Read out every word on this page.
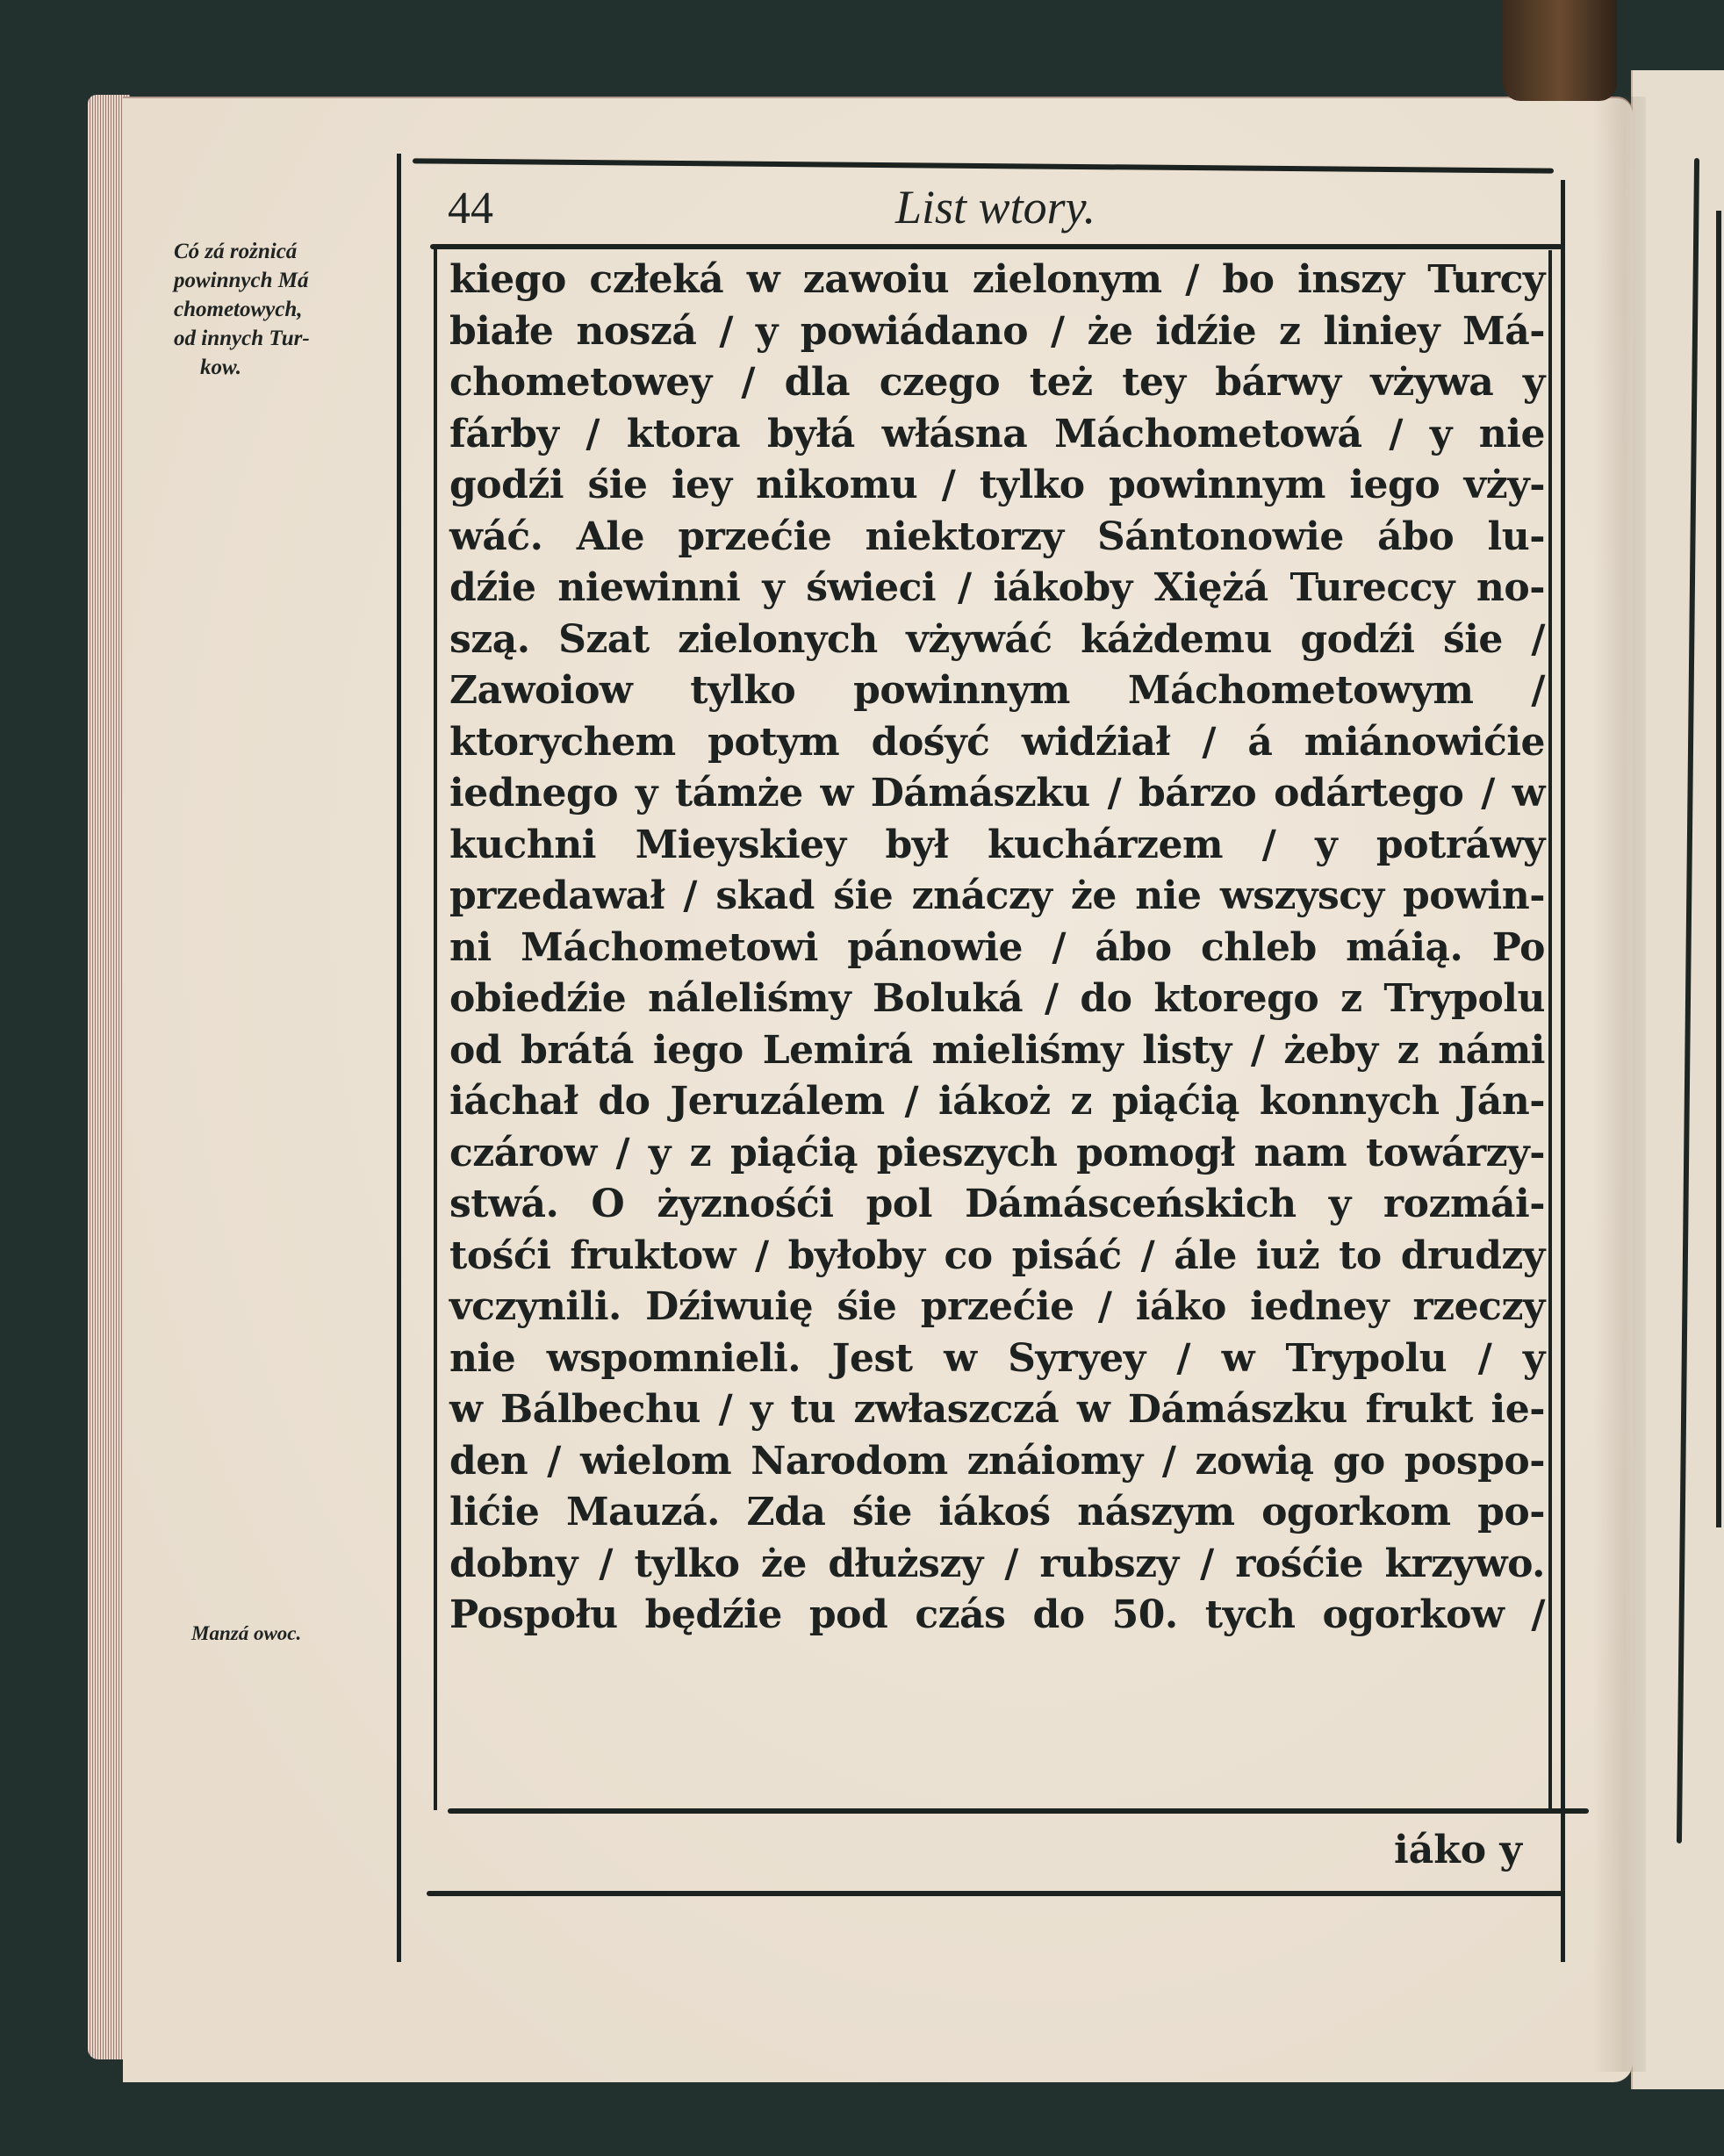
44	List wtory.
Có zá rożnicá
powinnych Má
chometowych,
od innych Tur-
kow.
Manzá owoc.
kiego człeká w zawoiu zielonym / bo inszy Turcy
białe noszá / y powiádano / że idźie z liniey Má-
chometowey / dla czego też tey bárwy vżywa y
fárby / ktora byłá włásna Máchometowá / y nie
godźi śie iey nikomu / tylko powinnym iego vży-
wáć. Ale przećie niektorzy Sántonowie ábo lu-
dźie niewinni y świeci / iákoby Xiężá Tureccy no-
szą. Szat zielonych vżywáć káżdemu godźi śie /
Zawoiow tylko powinnym Máchometowym /
ktorychem potym dośyć widźiał / á miánowićie
iednego y támże w Dámászku / bárzo odártego / w
kuchni Mieyskiey był kuchárzem / y potráwy
przedawał / skad śie znáczy że nie wszyscy powin-
ni Máchometowi pánowie / ábo chleb máią. Po
obiedźie náleliśmy Boluká / do ktorego z Trypolu
od brátá iego Lemirá mieliśmy listy / żeby z námi
iáchał do Jeruzálem / iákoż z piąćią konnych Ján-
czárow / y z piąćią pieszych pomogł nam towárzy-
stwá. O żyznośći pol Dámásceńskich y rozmái-
tośći fruktow / byłoby co pisáć / ále iuż to drudzy
vczynili. Dźiwuię śie przećie / iáko iedney rzeczy
nie wspomnieli. Jest w Syryey / w Trypolu / y
w Bálbechu / y tu zwłaszczá w Dámászku frukt ie-
den / wielom Narodom znáiomy / zowią go pospo-
lićie Mauzá. Zda śie iákoś nászym ogorkom po-
dobny / tylko że dłuższy / rubszy / rośćie krzywo.
Pospołu będźie pod czás do 50. tych ogorkow /
iáko y
